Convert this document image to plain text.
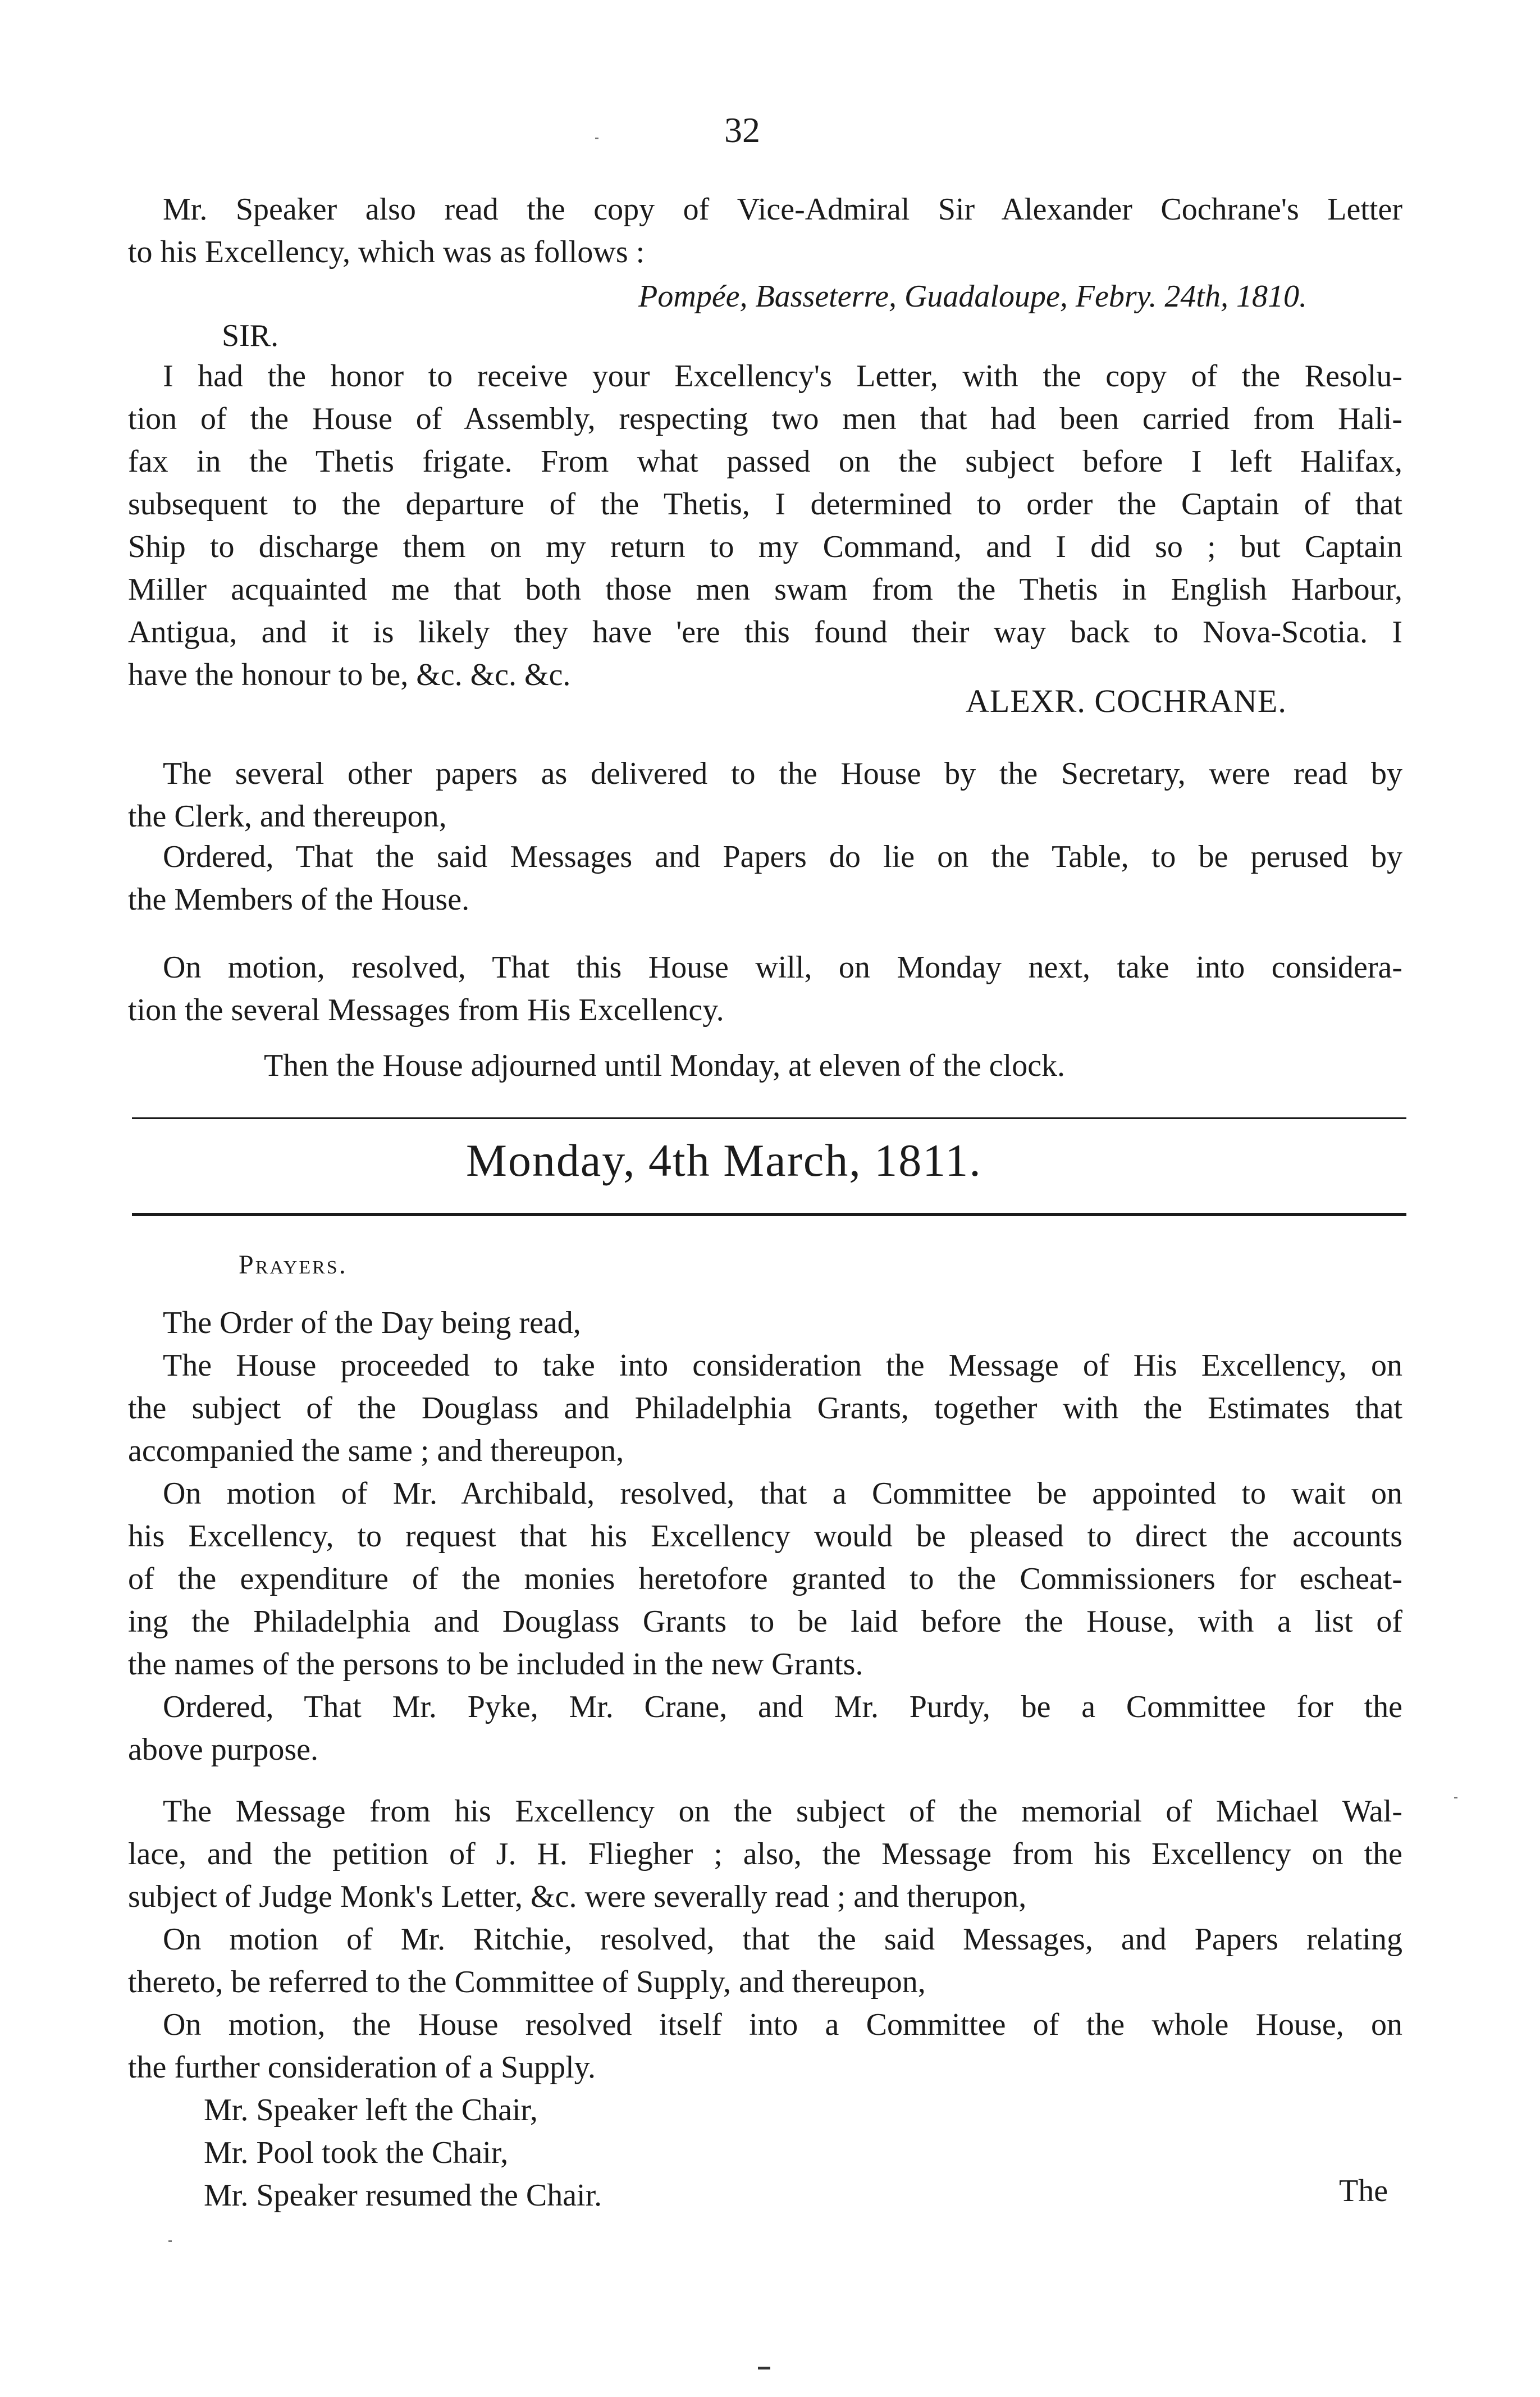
32
Mr. Speaker also read the copy of Vice-Admiral Sir Alexander Cochrane's Letter
to his Excellency, which was as follows :
Pompée, Basseterre, Guadaloupe, Febry. 24th, 1810.
SIR.
I had the honor to receive your Excellency's Letter, with the copy of the Resolu-
tion of the House of Assembly, respecting two men that had been carried from Hali-
fax in the Thetis frigate. From what passed on the subject before I left Halifax,
subsequent to the departure of the Thetis, I determined to order the Captain of that
Ship to discharge them on my return to my Command, and I did so ; but Captain
Miller acquainted me that both those men swam from the Thetis in English Harbour,
Antigua, and it is likely they have 'ere this found their way back to Nova-Scotia. I
have the honour to be, &c. &c. &c.
ALEXR. COCHRANE.
The several other papers as delivered to the House by the Secretary, were read by
the Clerk, and thereupon,
Ordered, That the said Messages and Papers do lie on the Table, to be perused by
the Members of the House.
On motion, resolved, That this House will, on Monday next, take into considera-
tion the several Messages from His Excellency.
Then the House adjourned until Monday, at eleven of the clock.
Monday, 4th March, 1811.
Prayers.
The Order of the Day being read,
The House proceeded to take into consideration the Message of His Excellency, on
the subject of the Douglass and Philadelphia Grants, together with the Estimates that
accompanied the same ; and thereupon,
On motion of Mr. Archibald, resolved, that a Committee be appointed to wait on
his Excellency, to request that his Excellency would be pleased to direct the accounts
of the expenditure of the monies heretofore granted to the Commissioners for escheat-
ing the Philadelphia and Douglass Grants to be laid before the House, with a list of
the names of the persons to be included in the new Grants.
Ordered, That Mr. Pyke, Mr. Crane, and Mr. Purdy, be a Committee for the
above purpose.
The Message from his Excellency on the subject of the memorial of Michael Wal-
lace, and the petition of J. H. Fliegher ; also, the Message from his Excellency on the
subject of Judge Monk's Letter, &c. were severally read ; and therupon,
On motion of Mr. Ritchie, resolved, that the said Messages, and Papers relating
thereto, be referred to the Committee of Supply, and thereupon,
On motion, the House resolved itself into a Committee of the whole House, on
the further consideration of a Supply.
Mr. Speaker left the Chair,
Mr. Pool took the Chair,
Mr. Speaker resumed the Chair.	The
